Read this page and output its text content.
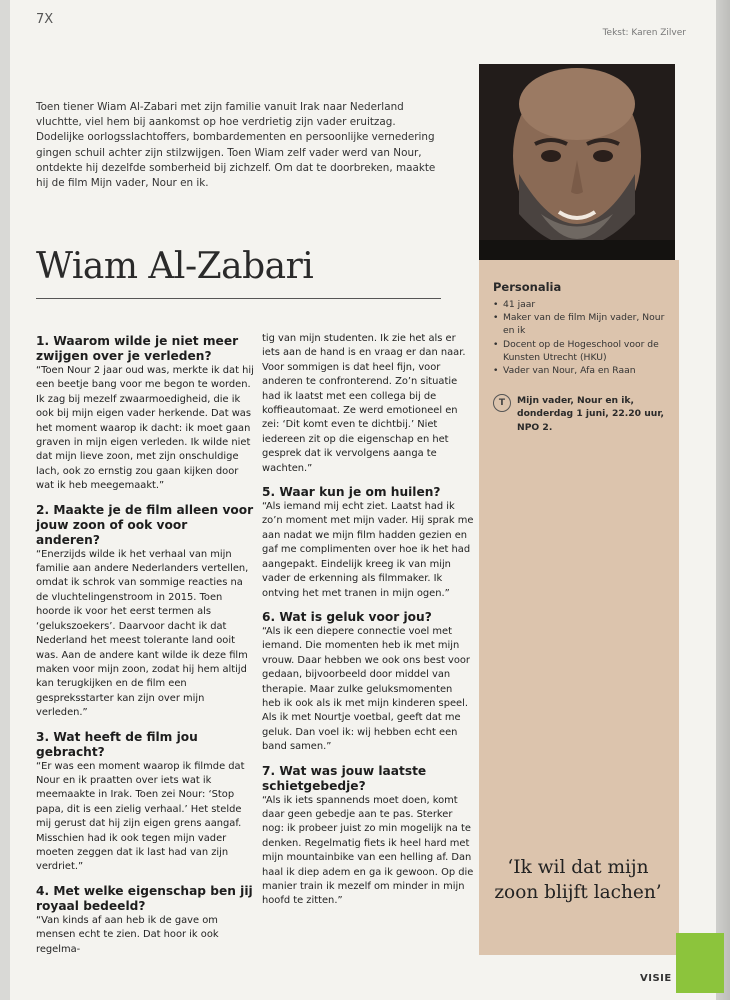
7X
Tekst: Karen Zilver
Toen tiener Wiam Al-Zabari met zijn familie vanuit Irak naar Nederland vluchtte, viel hem bij aankomst op hoe verdrietig zijn vader eruitzag. Dodelijke oorlogsslachtoffers, bombardementen en persoonlijke vernedering gingen schuil achter zijn stilzwijgen. Toen Wiam zelf vader werd van Nour, ontdekte hij dezelfde somberheid bij zichzelf. Om dat te doorbreken, maakte hij de film Mijn vader, Nour en ik.
Wiam Al-Zabari

1. Waarom wilde je niet meer zwijgen over je verleden?

“Toen Nour 2 jaar oud was, merkte ik dat hij een beetje bang voor me begon te worden. Ik zag bij mezelf zwaarmoedigheid, die ik ook bij mijn eigen vader herkende. Dat was het moment waarop ik dacht: ik moet gaan graven in mijn eigen verleden. Ik wilde niet dat mijn lieve zoon, met zijn onschuldige lach, ook zo ernstig zou gaan kijken door wat ik heb meegemaakt.”

2. Maakte je de film alleen voor jouw zoon of ook voor anderen?

“Enerzijds wilde ik het verhaal van mijn familie aan andere Nederlanders vertellen, omdat ik schrok van sommige reacties na de vluchtelingenstroom in 2015. Toen hoorde ik voor het eerst termen als ‘gelukszoekers’. Daarvoor dacht ik dat Nederland het meest tolerante land ooit was. Aan de andere kant wilde ik deze film maken voor mijn zoon, zodat hij hem altijd kan terugkijken en de film een gespreksstarter kan zijn over mijn verleden.”

3. Wat heeft de film jou gebracht?

“Er was een moment waarop ik filmde dat Nour en ik praatten over iets wat ik meemaakte in Irak. Toen zei Nour: ‘Stop papa, dit is een zielig verhaal.’ Het stelde mij gerust dat hij zijn eigen grens aangaf. Misschien had ik ook tegen mijn vader moeten zeggen dat ik last had van zijn verdriet.”

4. Met welke eigenschap ben jij royaal bedeeld?

“Van kinds af aan heb ik de gave om mensen echt te zien. Dat hoor ik ook regelma-

tig van mijn studenten. Ik zie het als er iets aan de hand is en vraag er dan naar. Voor sommigen is dat heel fijn, voor anderen te confronterend. Zo’n situatie had ik laatst met een collega bij de koffieautomaat. Ze werd emotioneel en zei: ‘Dit komt even te dichtbij.’ Niet iedereen zit op die eigenschap en het gesprek dat ik vervolgens aanga te wachten.”

5. Waar kun je om huilen?

“Als iemand mij echt ziet. Laatst had ik zo’n moment met mijn vader. Hij sprak me aan nadat we mijn film hadden gezien en gaf me complimenten over hoe ik het had aangepakt. Eindelijk kreeg ik van mijn vader de erkenning als filmmaker. Ik ontving het met tranen in mijn ogen.”

6. Wat is geluk voor jou?

“Als ik een diepere connectie voel met iemand. Die momenten heb ik met mijn vrouw. Daar hebben we ook ons best voor gedaan, bijvoorbeeld door middel van therapie. Maar zulke geluksmomenten heb ik ook als ik met mijn kinderen speel. Als ik met Nourtje voetbal, geeft dat me geluk. Dan voel ik: wij hebben echt een band samen.”

7. Wat was jouw laatste schietgebedje?

“Als ik iets spannends moet doen, komt daar geen gebedje aan te pas. Sterker nog: ik probeer juist zo min mogelijk na te denken. Regelmatig fiets ik heel hard met mijn mountainbike van een helling af. Dan haal ik diep adem en ga ik gewoon. Op die manier train ik mezelf om minder in mijn hoofd te zitten.”

Personalia
• 41 jaar
• Maker van de film Mijn vader, Nour en ik
• Docent op de Hogeschool voor de Kunsten Utrecht (HKU)
• Vader van Nour, Afa en Raan
T	Mijn vader, Nour en ik, donderdag 1 juni, 22.20 uur, NPO 2.
‘Ik wil dat mijn zoon blijft lachen’
VISIE
